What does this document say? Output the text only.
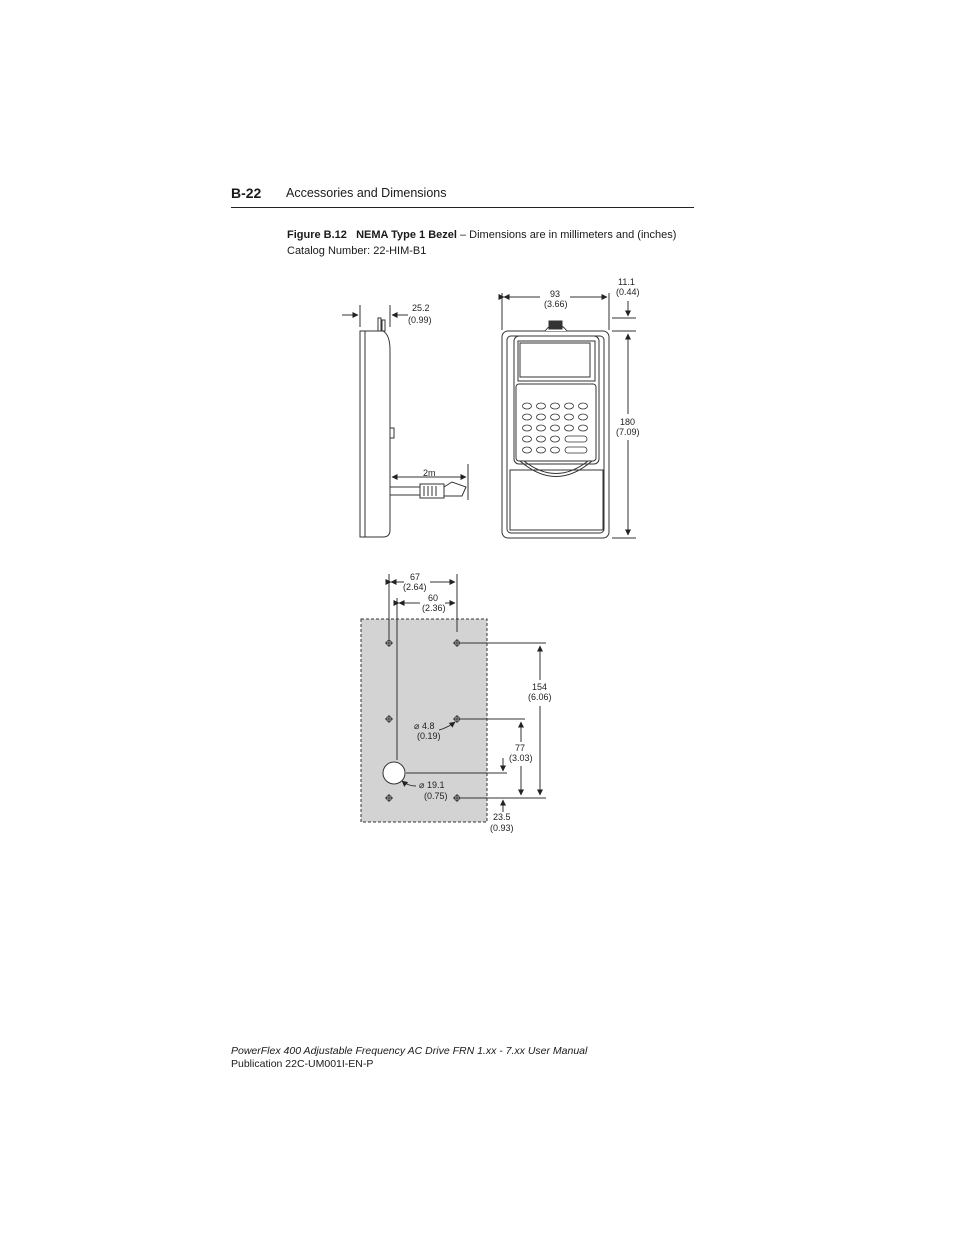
B-22 Accessories and Dimensions
Figure B.12 NEMA Type 1 Bezel – Dimensions are in millimeters and (inches)
Catalog Number: 22-HIM-B1
25.2
(0.99)
2m
93
(3.66)
11.1
(0.44)
180
(7.09)
67
(2.64)
60
(2.36)
154
(6.06)
⌀ 4.8
(0.19)
77
(3.03)
⌀ 19.1
(0.75)
23.5
(0.93)
PowerFlex 400 Adjustable Frequency AC Drive FRN 1.xx - 7.xx User Manual
Publication 22C-UM001I-EN-P
